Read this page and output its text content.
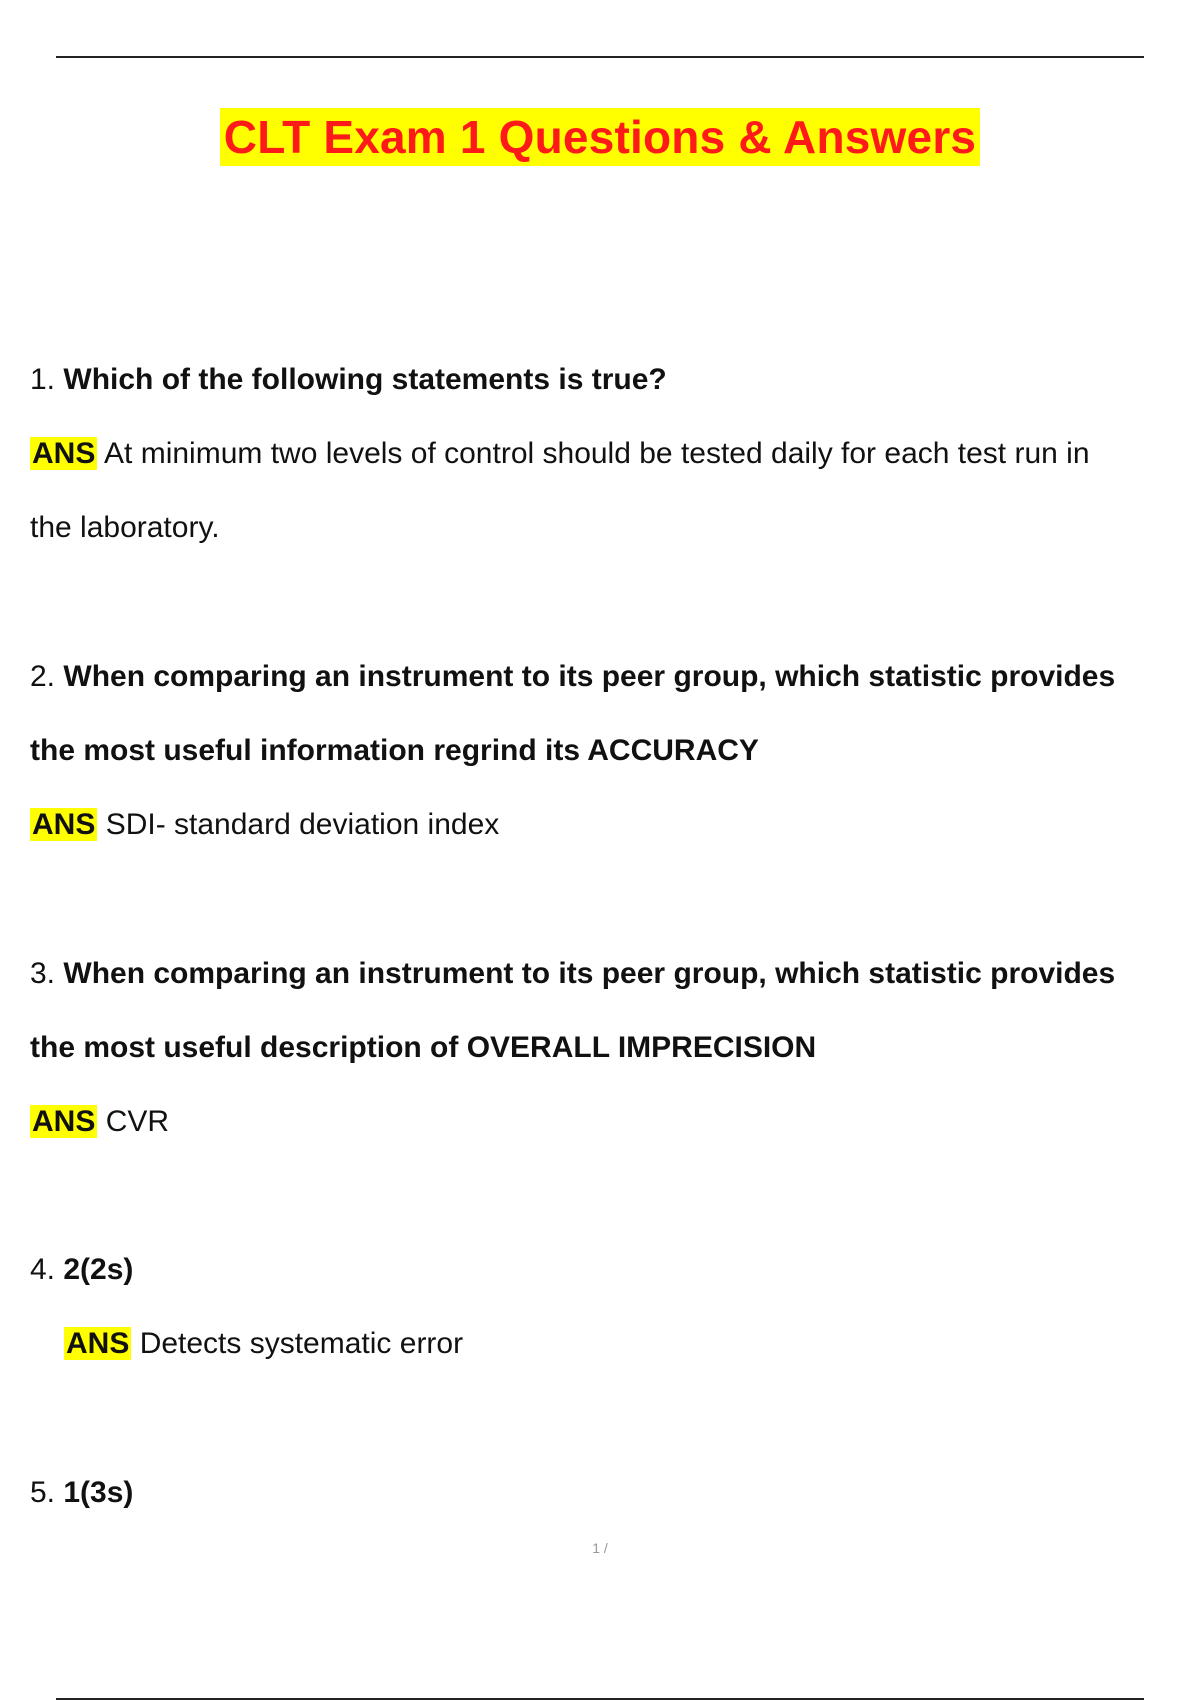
CLT Exam 1 Questions & Answers
1. Which of the following statements is true?
ANS At minimum two levels of control should be tested daily for each test run in
the laboratory.
2. When comparing an instrument to its peer group, which statistic provides
the most useful information regrind its ACCURACY
ANS SDI- standard deviation index
3. When comparing an instrument to its peer group, which statistic provides
the most useful description of OVERALL IMPRECISION
ANS CVR
4. 2(2s)
ANS Detects systematic error
5. 1(3s)
1 /
